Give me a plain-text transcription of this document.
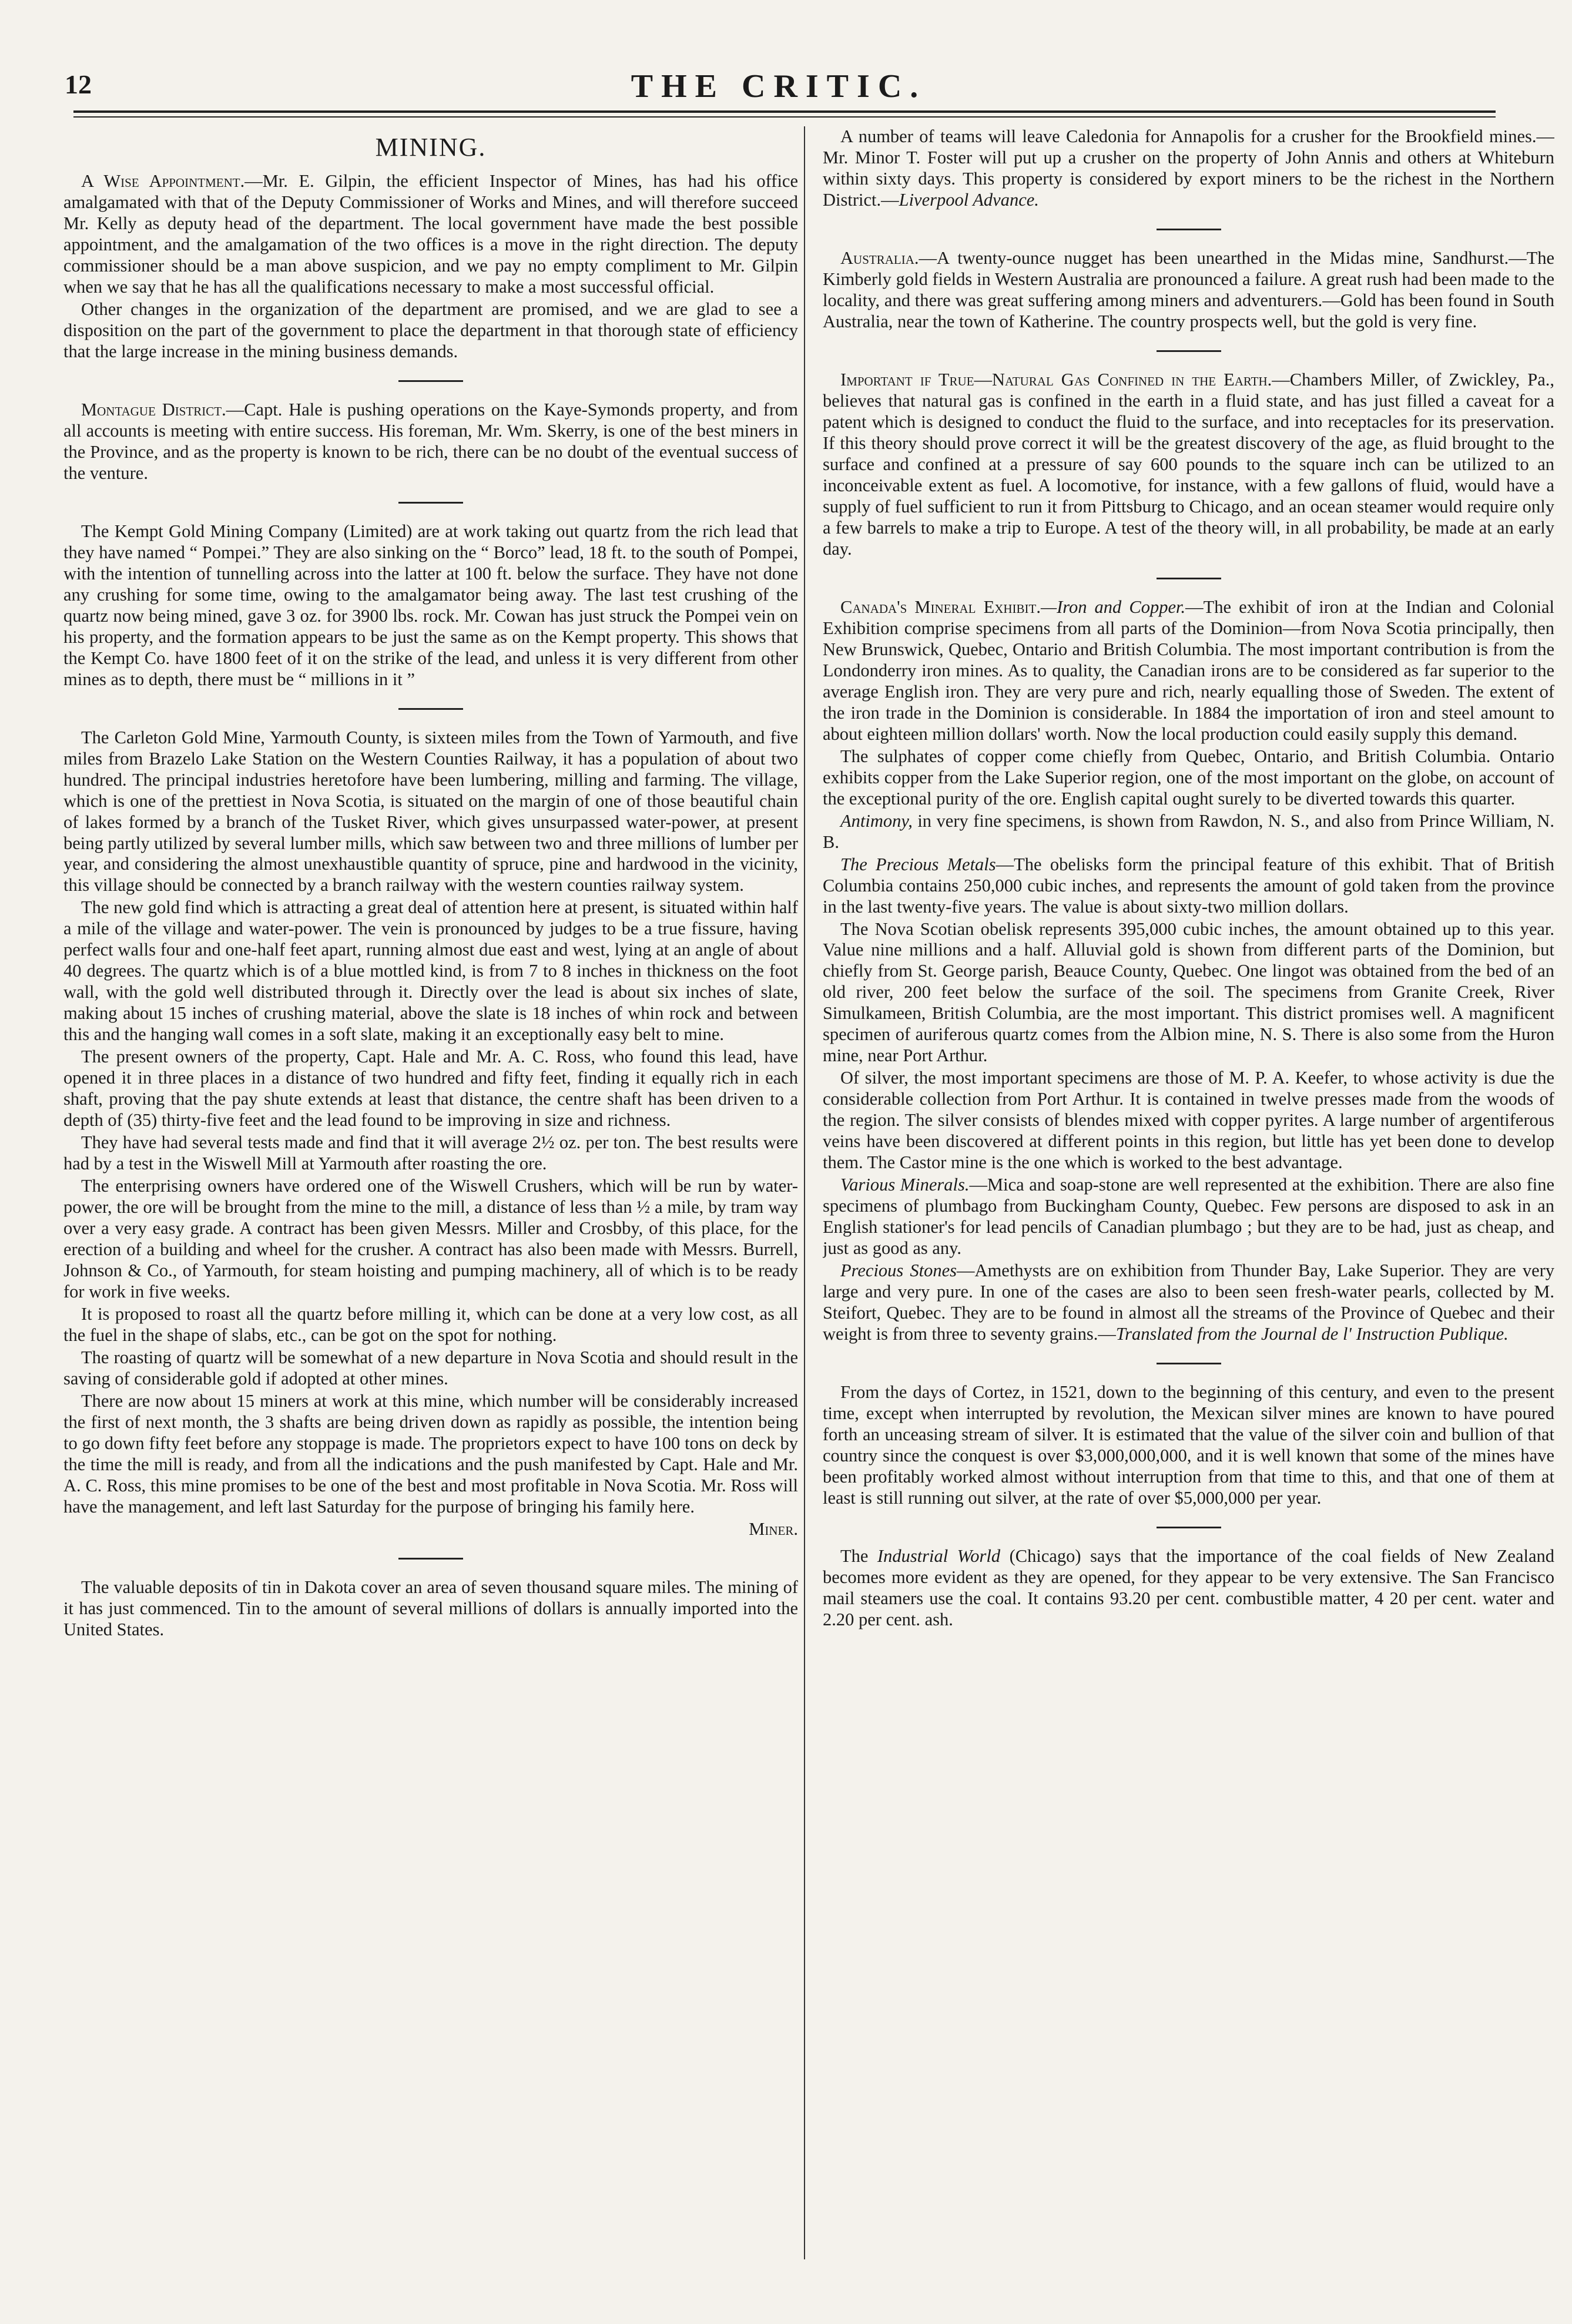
12	THE CRITIC.
MINING.

A Wise Appointment.—Mr. E. Gilpin, the efficient Inspector of Mines, has had his office amalgamated with that of the Deputy Commissioner of Works and Mines, and will therefore succeed Mr. Kelly as deputy head of the department. The local government have made the best possible appointment, and the amalgamation of the two offices is a move in the right direction. The deputy commissioner should be a man above suspicion, and we pay no empty compliment to Mr. Gilpin when we say that he has all the qualifications necessary to make a most successful official.

Other changes in the organization of the department are promised, and we are glad to see a disposition on the part of the government to place the department in that thorough state of efficiency that the large increase in the mining business demands.

Montague District.—Capt. Hale is pushing operations on the Kaye-Symonds property, and from all accounts is meeting with entire success. His foreman, Mr. Wm. Skerry, is one of the best miners in the Province, and as the property is known to be rich, there can be no doubt of the eventual success of the venture.

The Kempt Gold Mining Company (Limited) are at work taking out quartz from the rich lead that they have named “ Pompei.” They are also sinking on the “ Borco” lead, 18 ft. to the south of Pompei, with the intention of tunnelling across into the latter at 100 ft. below the surface. They have not done any crushing for some time, owing to the amalgamator being away. The last test crushing of the quartz now being mined, gave 3 oz. for 3900 lbs. rock. Mr. Cowan has just struck the Pompei vein on his property, and the formation appears to be just the same as on the Kempt property. This shows that the Kempt Co. have 1800 feet of it on the strike of the lead, and unless it is very different from other mines as to depth, there must be “ millions in it ”

The Carleton Gold Mine, Yarmouth County, is sixteen miles from the Town of Yarmouth, and five miles from Brazelo Lake Station on the Western Counties Railway, it has a population of about two hundred. The principal industries heretofore have been lumbering, milling and farming. The village, which is one of the prettiest in Nova Scotia, is situated on the margin of one of those beautiful chain of lakes formed by a branch of the Tusket River, which gives unsurpassed water-power, at present being partly utilized by several lumber mills, which saw between two and three millions of lumber per year, and considering the almost unexhaustible quantity of spruce, pine and hardwood in the vicinity, this village should be connected by a branch railway with the western counties railway system.

The new gold find which is attracting a great deal of attention here at present, is situated within half a mile of the village and water-power. The vein is pronounced by judges to be a true fissure, having perfect walls four and one-half feet apart, running almost due east and west, lying at an angle of about 40 degrees. The quartz which is of a blue mottled kind, is from 7 to 8 inches in thickness on the foot wall, with the gold well distributed through it. Directly over the lead is about six inches of slate, making about 15 inches of crushing material, above the slate is 18 inches of whin rock and between this and the hanging wall comes in a soft slate, making it an exceptionally easy belt to mine.

The present owners of the property, Capt. Hale and Mr. A. C. Ross, who found this lead, have opened it in three places in a distance of two hundred and fifty feet, finding it equally rich in each shaft, proving that the pay shute extends at least that distance, the centre shaft has been driven to a depth of (35) thirty-five feet and the lead found to be improving in size and richness.

They have had several tests made and find that it will average 2½ oz. per ton. The best results were had by a test in the Wiswell Mill at Yarmouth after roasting the ore.

The enterprising owners have ordered one of the Wiswell Crushers, which will be run by water-power, the ore will be brought from the mine to the mill, a distance of less than ½ a mile, by tram way over a very easy grade. A contract has been given Messrs. Miller and Crosbby, of this place, for the erection of a building and wheel for the crusher. A contract has also been made with Messrs. Burrell, Johnson & Co., of Yarmouth, for steam hoisting and pumping machinery, all of which is to be ready for work in five weeks.

It is proposed to roast all the quartz before milling it, which can be done at a very low cost, as all the fuel in the shape of slabs, etc., can be got on the spot for nothing.

The roasting of quartz will be somewhat of a new departure in Nova Scotia and should result in the saving of considerable gold if adopted at other mines.

There are now about 15 miners at work at this mine, which number will be considerably increased the first of next month, the 3 shafts are being driven down as rapidly as possible, the intention being to go down fifty feet before any stoppage is made. The proprietors expect to have 100 tons on deck by the time the mill is ready, and from all the indications and the push manifested by Capt. Hale and Mr. A. C. Ross, this mine promises to be one of the best and most profitable in Nova Scotia. Mr. Ross will have the management, and left last Saturday for the purpose of bringing his family here.

Miner.

The valuable deposits of tin in Dakota cover an area of seven thousand square miles. The mining of it has just commenced. Tin to the amount of several millions of dollars is annually imported into the United States.

A number of teams will leave Caledonia for Annapolis for a crusher for the Brookfield mines.—Mr. Minor T. Foster will put up a crusher on the property of John Annis and others at Whiteburn within sixty days. This property is considered by export miners to be the richest in the Northern District.—Liverpool Advance.

Australia.—A twenty-ounce nugget has been unearthed in the Midas mine, Sandhurst.—The Kimberly gold fields in Western Australia are pronounced a failure. A great rush had been made to the locality, and there was great suffering among miners and adventurers.—Gold has been found in South Australia, near the town of Katherine. The country prospects well, but the gold is very fine.

Important if True—Natural Gas Confined in the Earth.—Chambers Miller, of Zwickley, Pa., believes that natural gas is confined in the earth in a fluid state, and has just filled a caveat for a patent which is designed to conduct the fluid to the surface, and into receptacles for its preservation. If this theory should prove correct it will be the greatest discovery of the age, as fluid brought to the surface and confined at a pressure of say 600 pounds to the square inch can be utilized to an inconceivable extent as fuel. A locomotive, for instance, with a few gallons of fluid, would have a supply of fuel sufficient to run it from Pittsburg to Chicago, and an ocean steamer would require only a few barrels to make a trip to Europe. A test of the theory will, in all probability, be made at an early day.

Canada's Mineral Exhibit.—Iron and Copper.—The exhibit of iron at the Indian and Colonial Exhibition comprise specimens from all parts of the Dominion—from Nova Scotia principally, then New Brunswick, Quebec, Ontario and British Columbia. The most important contribution is from the Londonderry iron mines. As to quality, the Canadian irons are to be considered as far superior to the average English iron. They are very pure and rich, nearly equalling those of Sweden. The extent of the iron trade in the Dominion is considerable. In 1884 the importation of iron and steel amount to about eighteen million dollars' worth. Now the local production could easily supply this demand.

The sulphates of copper come chiefly from Quebec, Ontario, and British Columbia. Ontario exhibits copper from the Lake Superior region, one of the most important on the globe, on account of the exceptional purity of the ore. English capital ought surely to be diverted towards this quarter.

Antimony, in very fine specimens, is shown from Rawdon, N. S., and also from Prince William, N. B.

The Precious Metals—The obelisks form the principal feature of this exhibit. That of British Columbia contains 250,000 cubic inches, and represents the amount of gold taken from the province in the last twenty-five years. The value is about sixty-two million dollars.

The Nova Scotian obelisk represents 395,000 cubic inches, the amount obtained up to this year. Value nine millions and a half. Alluvial gold is shown from different parts of the Dominion, but chiefly from St. George parish, Beauce County, Quebec. One lingot was obtained from the bed of an old river, 200 feet below the surface of the soil. The specimens from Granite Creek, River Simulkameen, British Columbia, are the most important. This district promises well. A magnificent specimen of auriferous quartz comes from the Albion mine, N. S. There is also some from the Huron mine, near Port Arthur.

Of silver, the most important specimens are those of M. P. A. Keefer, to whose activity is due the considerable collection from Port Arthur. It is contained in twelve presses made from the woods of the region. The silver consists of blendes mixed with copper pyrites. A large number of argentiferous veins have been discovered at different points in this region, but little has yet been done to develop them. The Castor mine is the one which is worked to the best advantage.

Various Minerals.—Mica and soap-stone are well represented at the exhibition. There are also fine specimens of plumbago from Buckingham County, Quebec. Few persons are disposed to ask in an English stationer's for lead pencils of Canadian plumbago ; but they are to be had, just as cheap, and just as good as any.

Precious Stones—Amethysts are on exhibition from Thunder Bay, Lake Superior. They are very large and very pure. In one of the cases are also to been seen fresh-water pearls, collected by M. Steifort, Quebec. They are to be found in almost all the streams of the Province of Quebec and their weight is from three to seventy grains.—Translated from the Journal de l' Instruction Publique.

From the days of Cortez, in 1521, down to the beginning of this century, and even to the present time, except when interrupted by revolution, the Mexican silver mines are known to have poured forth an unceasing stream of silver. It is estimated that the value of the silver coin and bullion of that country since the conquest is over $3,000,000,000, and it is well known that some of the mines have been profitably worked almost without interruption from that time to this, and that one of them at least is still running out silver, at the rate of over $5,000,000 per year.

The Industrial World (Chicago) says that the importance of the coal fields of New Zealand becomes more evident as they are opened, for they appear to be very extensive. The San Francisco mail steamers use the coal. It contains 93.20 per cent. combustible matter, 4 20 per cent. water and 2.20 per cent. ash.
